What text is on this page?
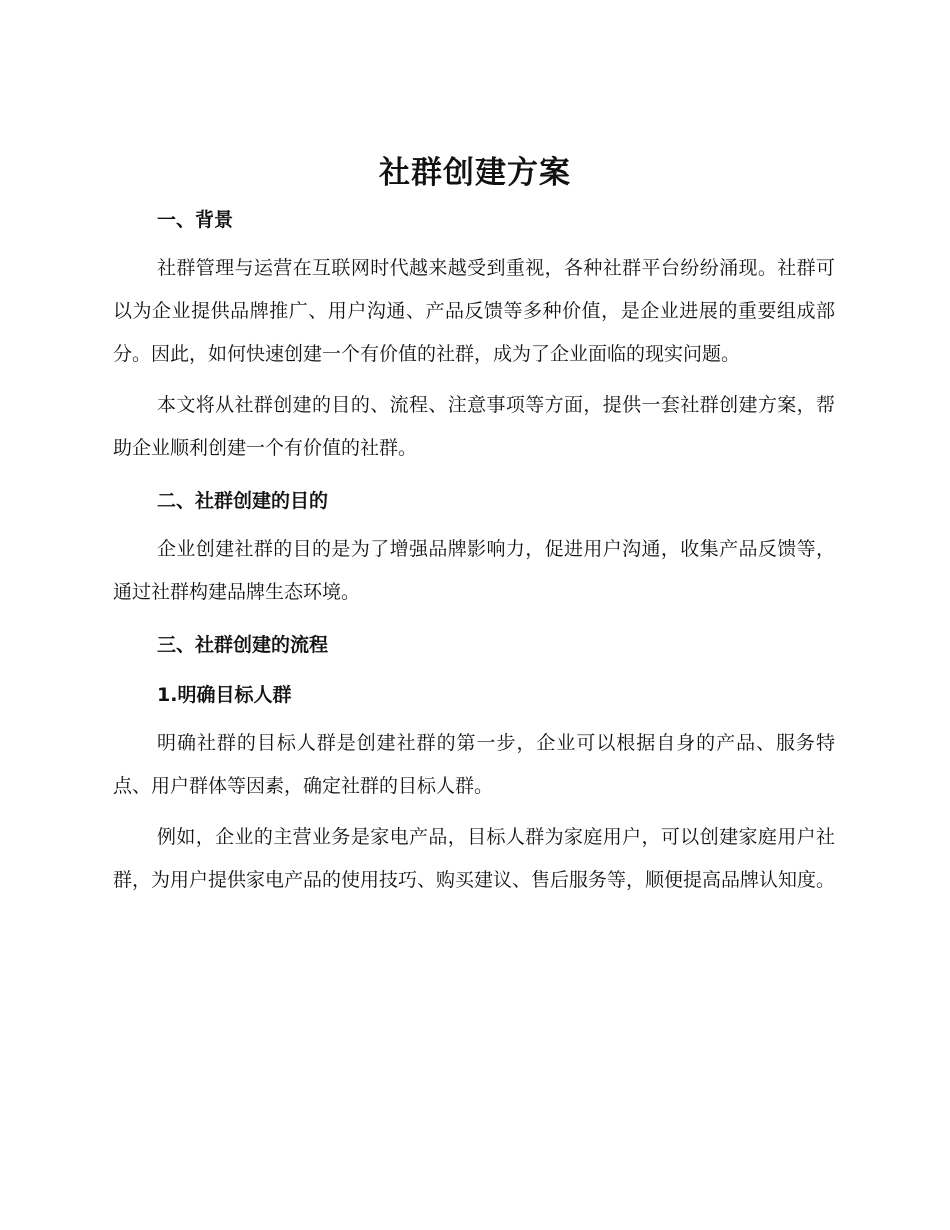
社群创建方案
一、背景

社群管理与运营在互联网时代越来越受到重视，各种社群平台纷纷涌现。社群可以为企业提供品牌推广、用户沟通、产品反馈等多种价值，是企业进展的重要组成部分。因此，如何快速创建一个有价值的社群，成为了企业面临的现实问题。

本文将从社群创建的目的、流程、注意事项等方面，提供一套社群创建方案，帮助企业顺利创建一个有价值的社群。

二、社群创建的目的

企业创建社群的目的是为了增强品牌影响力，促进用户沟通，收集产品反馈等，通过社群构建品牌生态环境。

三、社群创建的流程
1.明确目标人群

明确社群的目标人群是创建社群的第一步，企业可以根据自身的产品、服务特点、用户群体等因素，确定社群的目标人群。

例如，企业的主营业务是家电产品，目标人群为家庭用户，可以创建家庭用户社群，为用户提供家电产品的使用技巧、购买建议、售后服务等，顺便提高品牌认知度。
